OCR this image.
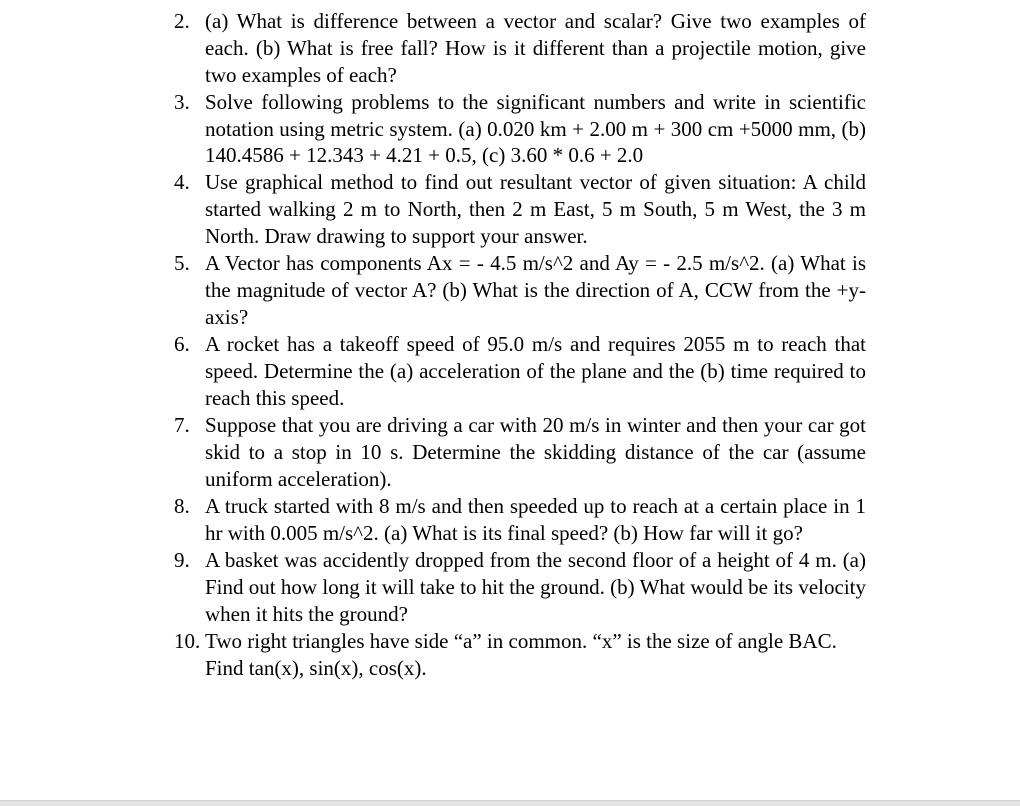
2. (a) What is difference between a vector and scalar? Give two examples of each. (b) What is free fall? How is it different than a projectile motion, give two examples of each?
3. Solve following problems to the significant numbers and write in scientific notation using metric system. (a) 0.020 km + 2.00 m + 300 cm +5000 mm, (b) 140.4586 + 12.343 + 4.21 + 0.5, (c) 3.60 * 0.6 + 2.0
4. Use graphical method to find out resultant vector of given situation: A child started walking 2 m to North, then 2 m East, 5 m South, 5 m West, the 3 m North. Draw drawing to support your answer.
5. A Vector has components Ax = - 4.5 m/s^2 and Ay = - 2.5 m/s^2. (a) What is the magnitude of vector A? (b) What is the direction of A, CCW from the +y-axis?
6. A rocket has a takeoff speed of 95.0 m/s and requires 2055 m to reach that speed. Determine the (a) acceleration of the plane and the (b) time required to reach this speed.
7. Suppose that you are driving a car with 20 m/s in winter and then your car got skid to a stop in 10 s. Determine the skidding distance of the car (assume uniform acceleration).
8. A truck started with 8 m/s and then speeded up to reach at a certain place in 1 hr with 0.005 m/s^2. (a) What is its final speed? (b) How far will it go?
9. A basket was accidently dropped from the second floor of a height of 4 m. (a) Find out how long it will take to hit the ground. (b) What would be its velocity when it hits the ground?
10. Two right triangles have side “a” in common. “x” is the size of angle BAC. Find tan(x), sin(x), cos(x).
